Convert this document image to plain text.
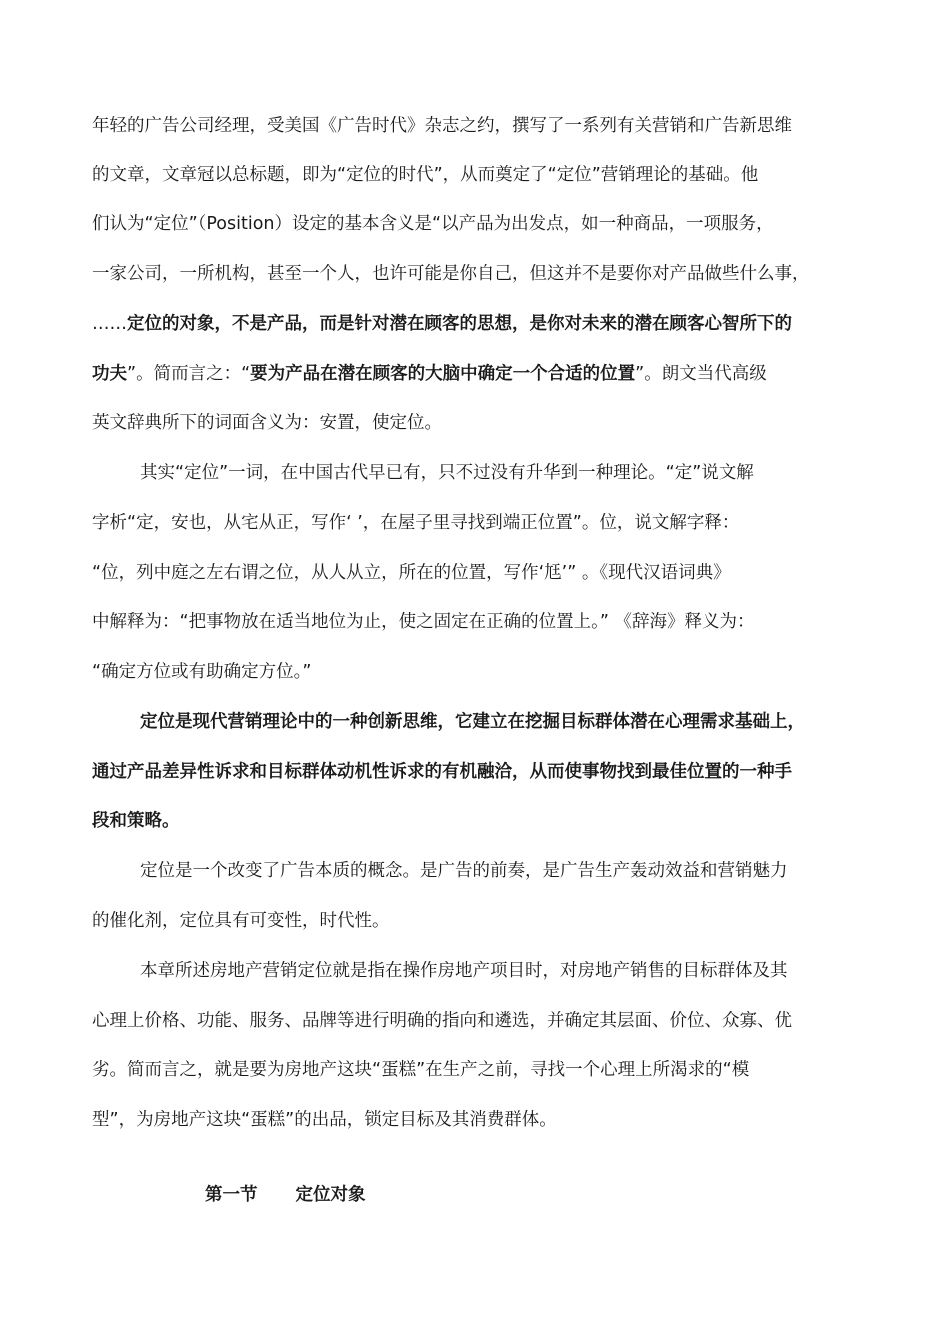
年轻的广告公司经理，受美国《广告时代》杂志之约，撰写了一系列有关营销和广告新思维
的文章，文章冠以总标题，即为“定位的时代”，从而奠定了“定位”营销理论的基础。他
们认为“定位”（Position）设定的基本含义是“以产品为出发点，如一种商品，一项服务，
一家公司，一所机构，甚至一个人，也许可能是你自己，但这并不是要你对产品做些什么事，
……定位的对象，不是产品，而是针对潜在顾客的思想，是你对未来的潜在顾客心智所下的
功夫”。简而言之：“要为产品在潜在顾客的大脑中确定一个合适的位置”。朗文当代高级
英文辞典所下的词面含义为：安置，使定位。
其实“定位”一词，在中国古代早已有，只不过没有升华到一种理论。“定”说文解
字析“定，安也，从宅从正，写作‘ ’，在屋子里寻找到端正位置”。位，说文解字释：
“位，列中庭之左右谓之位，从人从立，所在的位置，写作‘尪’” 。《现代汉语词典》
中解释为：“把事物放在适当地位为止，使之固定在正确的位置上。” 《辞海》释义为：
“确定方位或有助确定方位。”
定位是现代营销理论中的一种创新思维，它建立在挖掘目标群体潜在心理需求基础上，
通过产品差异性诉求和目标群体动机性诉求的有机融洽，从而使事物找到最佳位置的一种手
段和策略。
定位是一个改变了广告本质的概念。是广告的前奏，是广告生产轰动效益和营销魅力
的催化剂，定位具有可变性，时代性。
本章所述房地产营销定位就是指在操作房地产项目时，对房地产销售的目标群体及其
心理上价格、功能、服务、品牌等进行明确的指向和遴选，并确定其层面、价位、众寡、优
劣。简而言之，就是要为房地产这块“蛋糕”在生产之前，寻找一个心理上所渴求的“模
型”，为房地产这块“蛋糕”的出品，锁定目标及其消费群体。
第一节 定位对象
